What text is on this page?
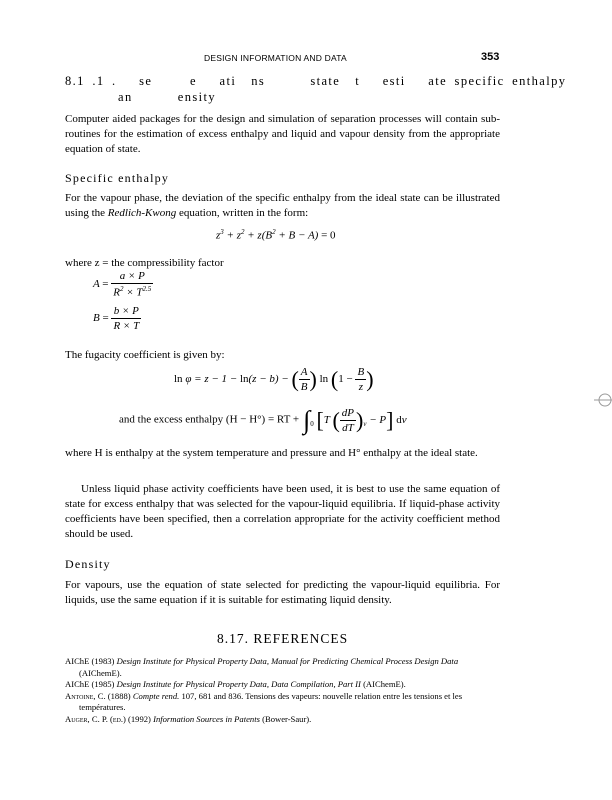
DESIGN INFORMATION AND DATA	353
8.1 .1 .   se     e   ati  ns      state  t   esti   ate specific enthalpy
an      ensity
Computer aided packages for the design and simulation of separation processes will contain sub-routines for the estimation of excess enthalpy and liquid and vapour density from the appropriate equation of state.
Specific enthalpy
For the vapour phase, the deviation of the specific enthalpy from the ideal state can be illustrated using the Redlich-Kwong equation, written in the form:
$z^3 + z^2 + z(B^2 + B - A) = 0$
where z = the compressibility factor
$A = \frac{a \times P}{R^2 \times T^{2.5}}$
$B = \frac{b \times P}{R \times T}$
The fugacity coefficient is given by:
ln φ = z − 1 − ln(z − b) − ( $\frac{A}{B}$ ) $\ln (1 - \frac{B}{z}$ )
and the excess enthalpy (H − H°) = RT + $\int_0$ [T ( $\frac{dP}{dT} )_v - P$] dv
where H is enthalpy at the system temperature and pressure and H° enthalpy at the ideal state.
Unless liquid phase activity coefficients have been used, it is best to use the same equation of state for excess enthalpy that was selected for the vapour-liquid equilibria. If liquid-phase activity coefficients have been specified, then a correlation appropriate for the activity coefficient method should be used.
Density
For vapours, use the equation of state selected for predicting the vapour-liquid equilibria. For liquids, use the same equation if it is suitable for estimating liquid density.
8.17. REFERENCES
AIChE (1983) Design Institute for Physical Property Data, Manual for Predicting Chemical Process Design Data (AIChemE).
AIChE (1985) Design Institute for Physical Property Data, Data Compilation, Part II (AIChemE).
Antoine, C. (1888) Compte rend. 107, 681 and 836. Tensions des vapeurs: nouvelle relation entre les tensions et les températures.
Auger, C. P. (ed.) (1992) Information Sources in Patents (Bower-Saur).
